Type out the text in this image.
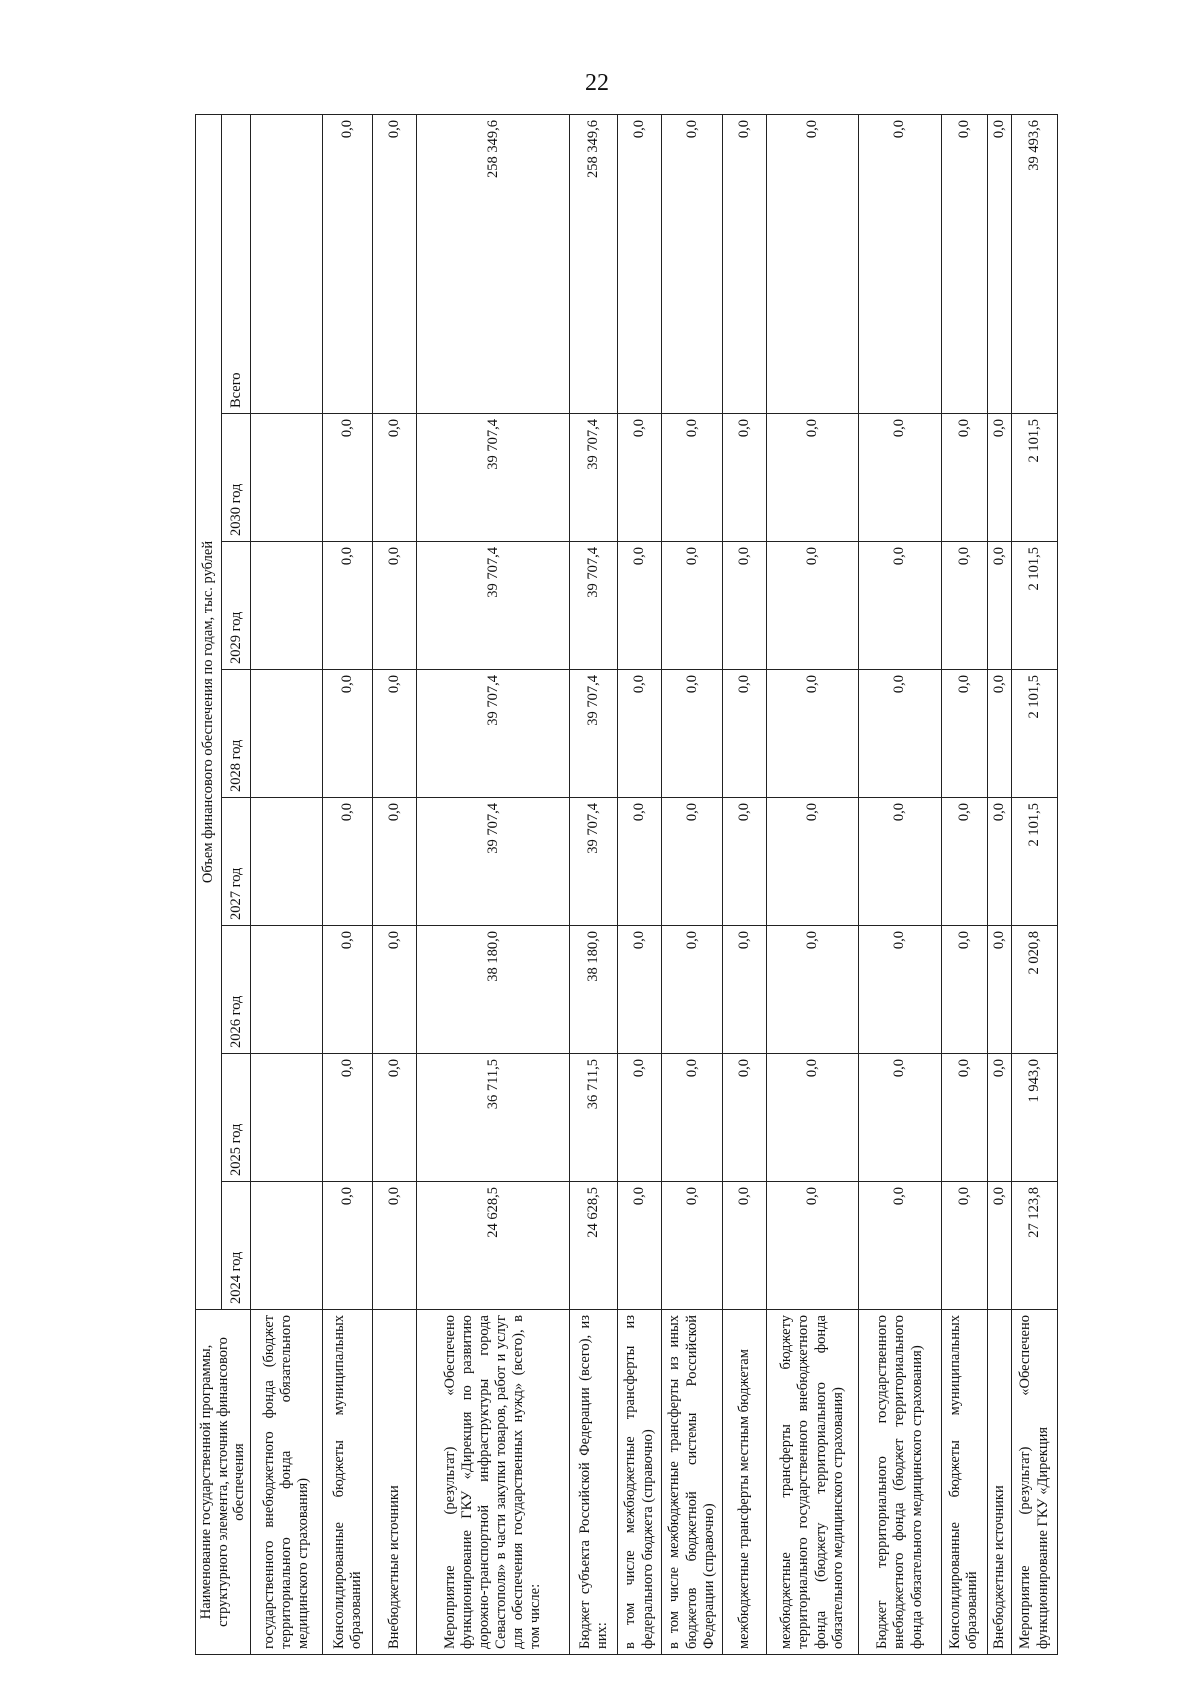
22
Наименование государственной программы, структурного элемента, источник финансового обеспечения	Объем финансового обеспечения по годам, тыс. рублей							
	2024 год	2025 год	2026 год	2027 год	2028 год	2029 год	2030 год	Всего
государственного внебюджетного фонда (бюджет территориального фонда обязательного медицинского страхования)								
Консолидированные бюджеты муниципальных образований	0,0	0,0	0,0	0,0	0,0	0,0	0,0	0,0
Внебюджетные источники	0,0	0,0	0,0	0,0	0,0	0,0	0,0	0,0
Мероприятие (результат) «Обеспечено функционирование ГКУ «Дирекция по развитию дорожно-транспортной инфраструктуры города Севастополя» в части закупки товаров, работ и услуг для обеспечения государственных нужд» (всего), в том числе:	24 628,5	36 711,5	38 180,0	39 707,4	39 707,4	39 707,4	39 707,4	258 349,6
Бюджет субъекта Российской Федерации (всего), из них:	24 628,5	36 711,5	38 180,0	39 707,4	39 707,4	39 707,4	39 707,4	258 349,6
в том числе межбюджетные трансферты из федерального бюджета (справочно)	0,0	0,0	0,0	0,0	0,0	0,0	0,0	0,0
в том числе межбюджетные трансферты из иных бюджетов бюджетной системы Российской Федерации (справочно)	0,0	0,0	0,0	0,0	0,0	0,0	0,0	0,0
межбюджетные трансферты местным бюджетам	0,0	0,0	0,0	0,0	0,0	0,0	0,0	0,0
межбюджетные трансферты бюджету территориального государственного внебюджетного фонда (бюджету территориального фонда обязательного медицинского страхования)	0,0	0,0	0,0	0,0	0,0	0,0	0,0	0,0
Бюджет территориального государственного внебюджетного фонда (бюджет территориального фонда обязательного медицинского страхования)	0,0	0,0	0,0	0,0	0,0	0,0	0,0	0,0
Консолидированные бюджеты муниципальных образований	0,0	0,0	0,0	0,0	0,0	0,0	0,0	0,0
Внебюджетные источники	0,0	0,0	0,0	0,0	0,0	0,0	0,0	0,0
Мероприятие (результат) «Обеспечено функционирование ГКУ «Дирекция	27 123,8	1 943,0	2 020,8	2 101,5	2 101,5	2 101,5	2 101,5	39 493,6
